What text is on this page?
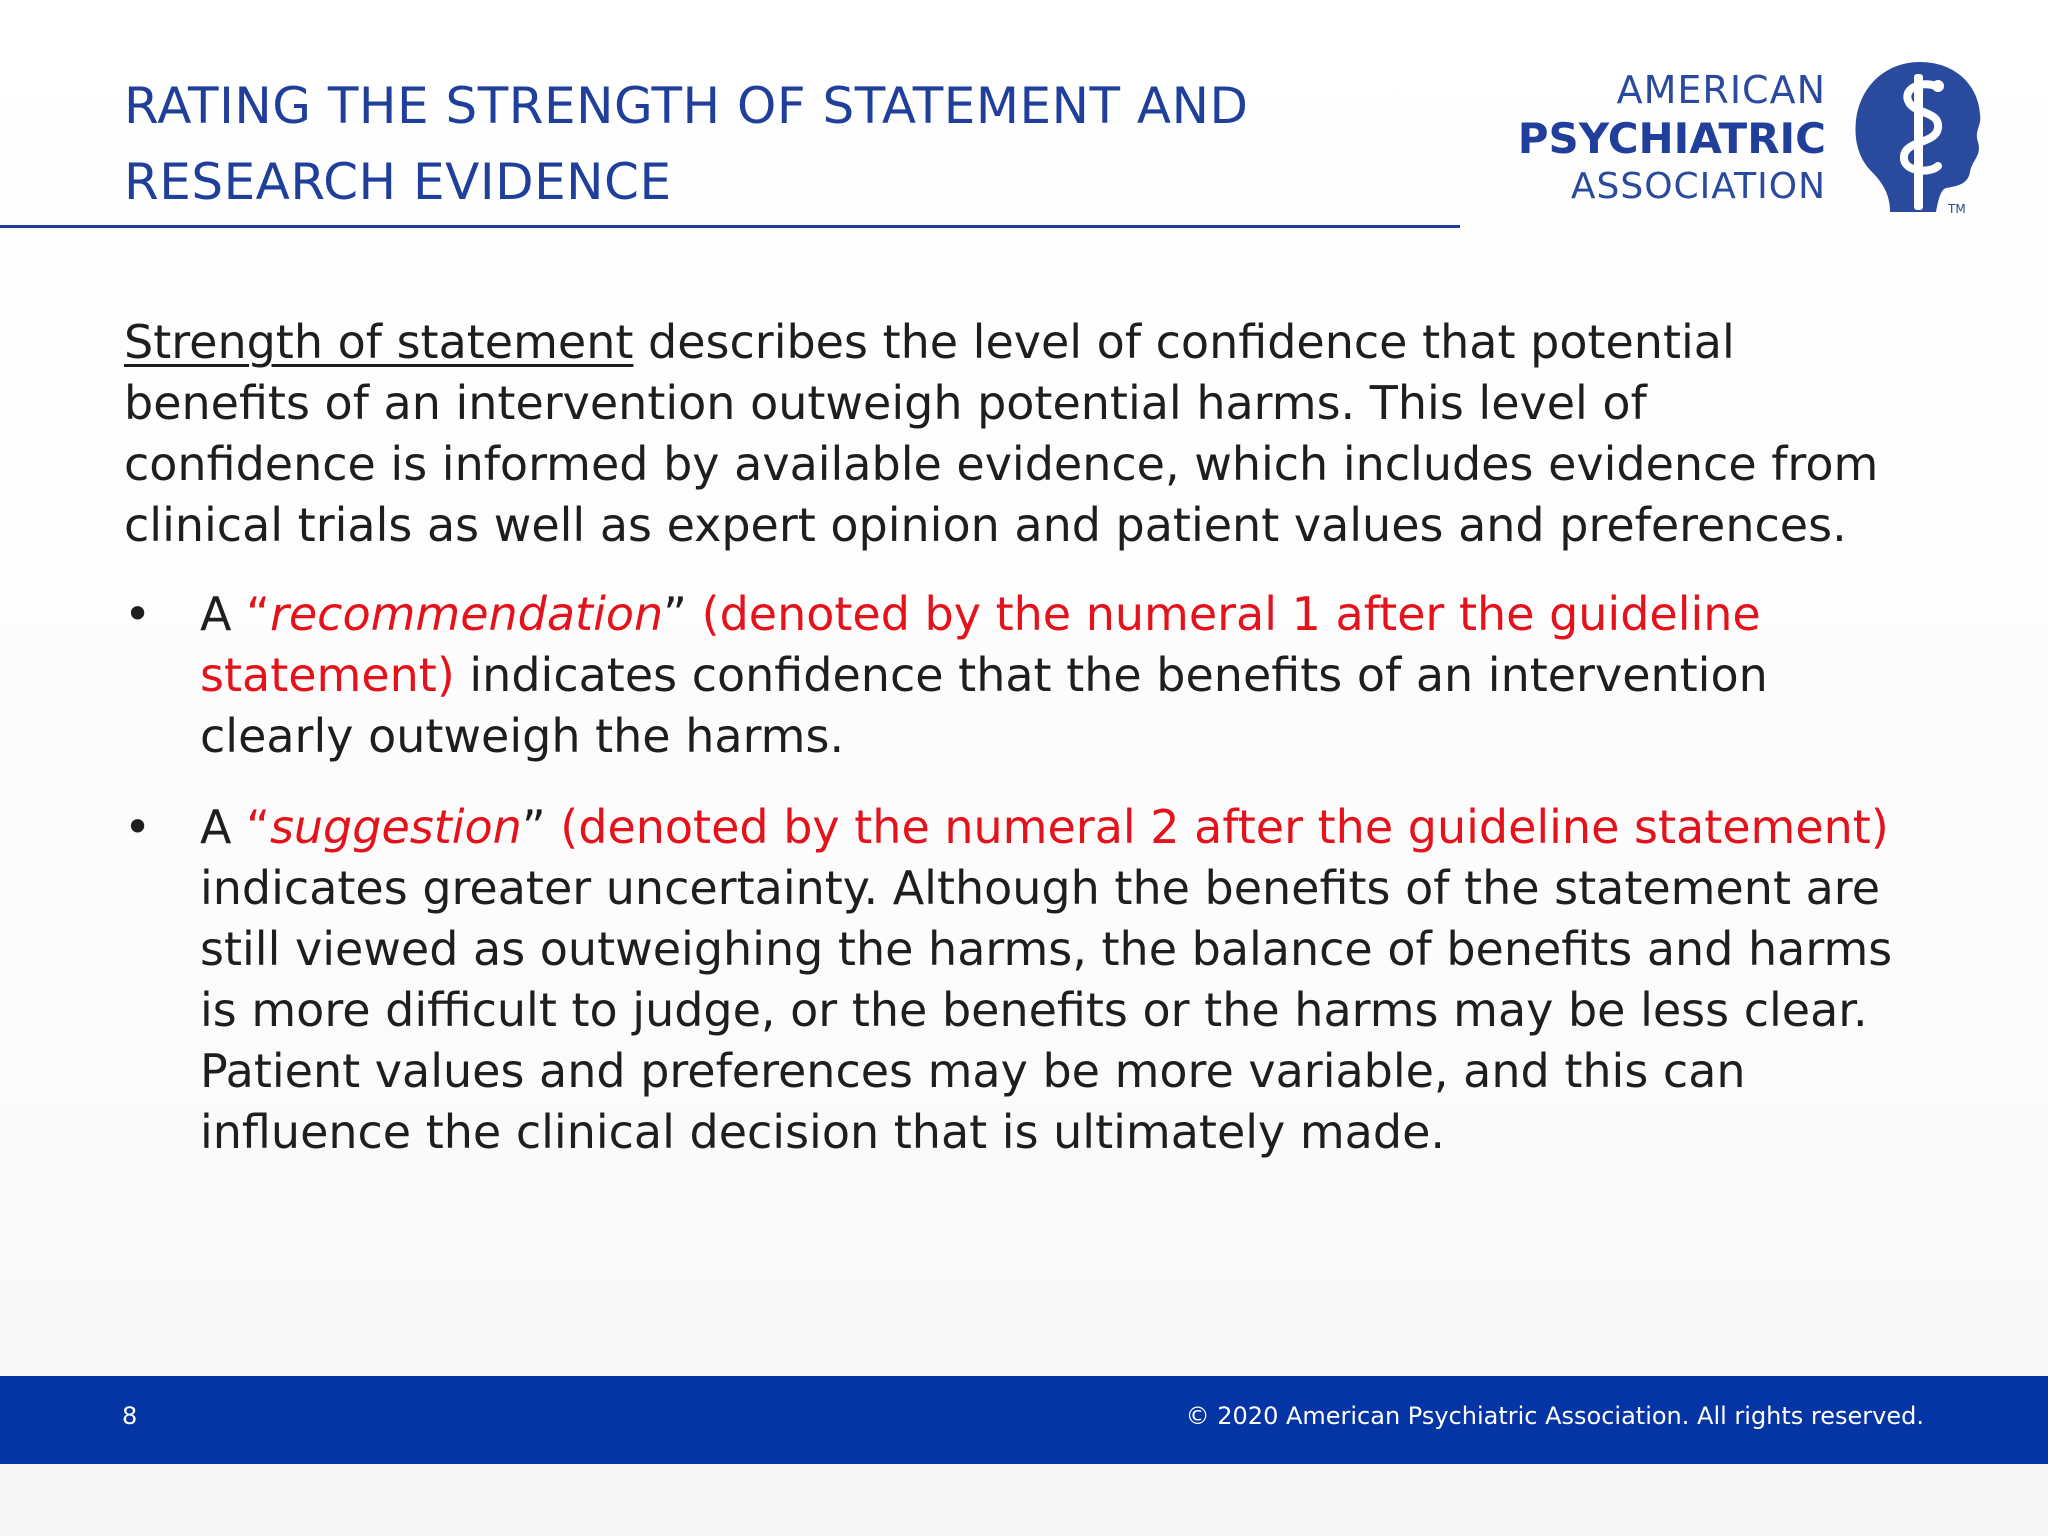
RATING THE STRENGTH OF STATEMENT AND
RESEARCH EVIDENCE
AMERICAN
PSYCHIATRIC
ASSOCIATION
TM

Strength of statement describes the level of confidence that potential benefits of an intervention outweigh potential harms. This level of confidence is informed by available evidence, which includes evidence from clinical trials as well as expert opinion and patient values and preferences.

• A “recommendation” (denoted by the numeral 1 after the guideline statement) indicates confidence that the benefits of an intervention clearly outweigh the harms.
• A “suggestion” (denoted by the numeral 2 after the guideline statement) indicates greater uncertainty. Although the benefits of the statement are still viewed as outweighing the harms, the balance of benefits and harms is more difficult to judge, or the benefits or the harms may be less clear. Patient values and preferences may be more variable, and this can influence the clinical decision that is ultimately made.
8	© 2020 American Psychiatric Association. All rights reserved.
